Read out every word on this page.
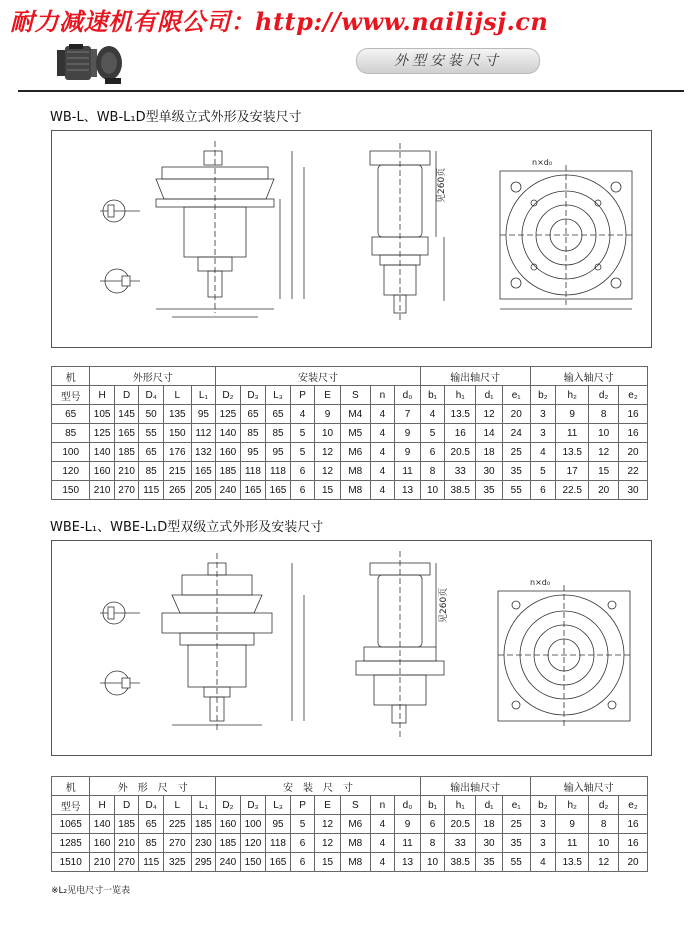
耐力减速机有限公司：http://www.nailijsj.cn
外型安装尺寸
WB-L、WB-L₁D型单级立式外形及安装尺寸
见260页
n×d₀
机	外形尺寸					安装尺寸								输出轴尺寸				输入轴尺寸			
型号	H	D	D₄	L	L₁	D₂	D₃	L₃	P	E	S	n	d₀	b₁	h₁	d₁	e₁	b₂	h₂	d₂	e₂
65	105	145	50	135	95	125	65	65	4	9	M4	4	7	4	13.5	12	20	3	9	8	16
85	125	165	55	150	112	140	85	85	5	10	M5	4	9	5	16	14	24	3	11	10	16
100	140	185	65	176	132	160	95	95	5	12	M6	4	9	6	20.5	18	25	4	13.5	12	20
120	160	210	85	215	165	185	118	118	6	12	M8	4	11	8	33	30	35	5	17	15	22
150	210	270	115	265	205	240	165	165	6	15	M8	4	13	10	38.5	35	55	6	22.5	20	30
WBE-L₁、WBE-L₁D型双级立式外形及安装尺寸
见260页
n×d₀
机	外　形　尺　寸					安　装　尺　寸								输出轴尺寸				输入轴尺寸			
型号	H	D	D₄	L	L₁	D₂	D₃	L₃	P	E	S	n	d₀	b₁	h₁	d₁	e₁	b₂	h₂	d₂	e₂
1065	140	185	65	225	185	160	100	95	5	12	M6	4	9	6	20.5	18	25	3	9	8	16
1285	160	210	85	270	230	185	120	118	6	12	M8	4	11	8	33	30	35	3	11	10	16
1510	210	270	115	325	295	240	150	165	6	15	M8	4	13	10	38.5	35	55	4	13.5	12	20
※L₂见电尺寸一览表
